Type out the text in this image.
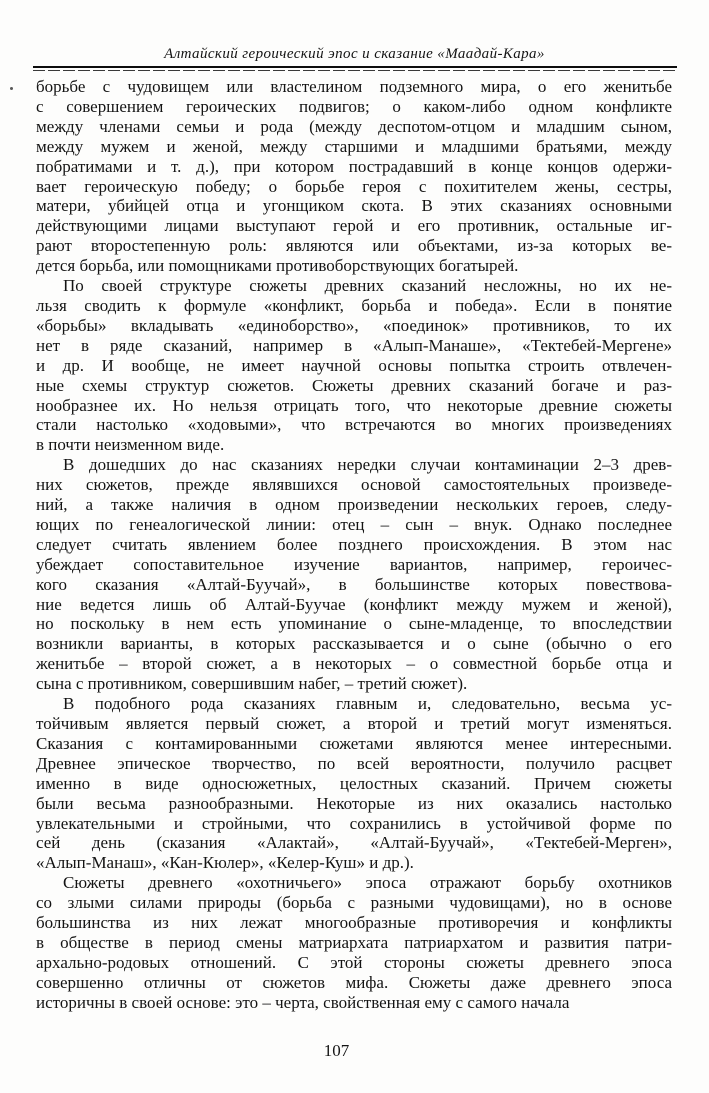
Алтайский героический эпос и сказание «Маадай-Кара»
борьбе с чудовищем или властелином подземного мира, о его женитьбе
с совершением героических подвигов; о каком-либо одном конфликте
между членами семьи и рода (между деспотом-отцом и младшим сыном,
между мужем и женой, между старшими и младшими братьями, между
побратимами и т. д.), при котором пострадавший в конце концов одержи-
вает героическую победу; о борьбе героя с похитителем жены, сестры,
матери, убийцей отца и угонщиком скота. В этих сказаниях основными
действующими лицами выступают герой и его противник, остальные иг-
рают второстепенную роль: являются или объектами, из-за которых ве-
дется борьба, или помощниками противоборствующих богатырей.
По своей структуре сюжеты древних сказаний несложны, но их не-
льзя сводить к формуле «конфликт, борьба и победа». Если в понятие
«борьбы» вкладывать «единоборство», «поединок» противников, то их
нет в ряде сказаний, например в «Алып-Манаше», «Тектебей-Мергене»
и др. И вообще, не имеет научной основы попытка строить отвлечен-
ные схемы структур сюжетов. Сюжеты древних сказаний богаче и раз-
нообразнее их. Но нельзя отрицать того, что некоторые древние сюжеты
стали настолько «ходовыми», что встречаются во многих произведениях
в почти неизменном виде.
В дошедших до нас сказаниях нередки случаи контаминации 2–3 древ-
них сюжетов, прежде являвшихся основой самостоятельных произведе-
ний, а также наличия в одном произведении нескольких героев, следу-
ющих по генеалогической линии: отец – сын – внук. Однако последнее
следует считать явлением более позднего происхождения. В этом нас
убеждает сопоставительное изучение вариантов, например, героичес-
кого сказания «Алтай-Буучай», в большинстве которых повествова-
ние ведется лишь об Алтай-Буучае (конфликт между мужем и женой),
но поскольку в нем есть упоминание о сыне-младенце, то впоследствии
возникли варианты, в которых рассказывается и о сыне (обычно о его
женитьбе – второй сюжет, а в некоторых – о совместной борьбе отца и
сына с противником, совершившим набег, – третий сюжет).
В подобного рода сказаниях главным и, следовательно, весьма ус-
тойчивым является первый сюжет, а второй и третий могут изменяться.
Сказания с контамированными сюжетами являются менее интересными.
Древнее эпическое творчество, по всей вероятности, получило расцвет
именно в виде односюжетных, целостных сказаний. Причем сюжеты
были весьма разнообразными. Некоторые из них оказались настолько
увлекательными и стройными, что сохранились в устойчивой форме по
сей день (сказания «Алактай», «Алтай-Буучай», «Тектебей-Мерген»,
«Алып-Манаш», «Кан-Кюлер», «Келер-Куш» и др.).
Сюжеты древнего «охотничьего» эпоса отражают борьбу охотников
со злыми силами природы (борьба с разными чудовищами), но в основе
большинства из них лежат многообразные противоречия и конфликты
в обществе в период смены матриархата патриархатом и развития патри-
архально-родовых отношений. С этой стороны сюжеты древнего эпоса
совершенно отличны от сюжетов мифа. Сюжеты даже древнего эпоса
историчны в своей основе: это – черта, свойственная ему с самого начала
107
